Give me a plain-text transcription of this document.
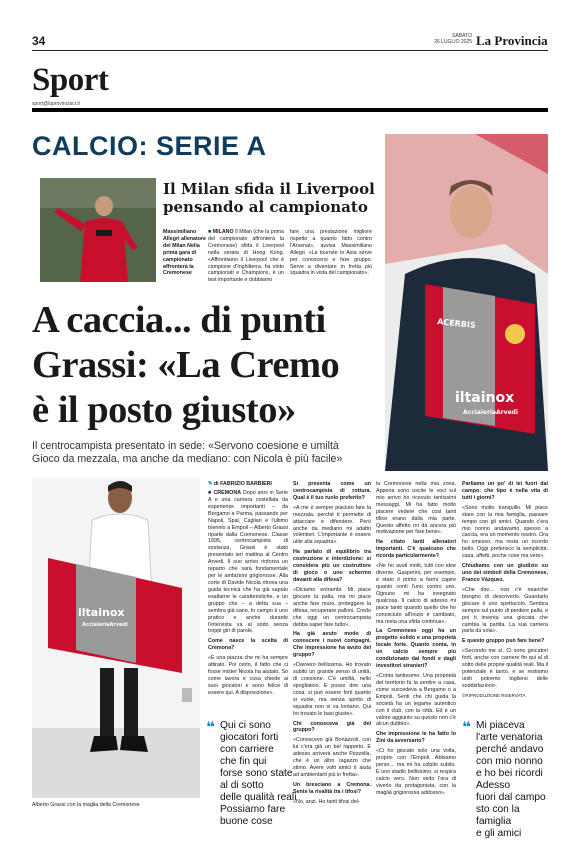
34	SABATO
26 LUGLIO 2025 La Provincia
Sport
sport@laprovinciacr.it
CALCIO: SERIE A
Il Milan sfida il Liverpool pensando al campionato
Massimiliano Allegri allenatore del Milan Nella prima gara di campionato affronterà la Cremonese
■ MILANO Il Milan (che la prima del campionato affronterà la Cremonese) sfida il Liverpool nella serata di Hong Kong. «Affrontiamo il Liverpool che è campione d'Inghilterra, ha vinto campionati e Champions, è un test importante e dobbiamo
fare una prestazione migliore rispetto a quanto fatto contro l'Arsenal», avvisa Massimiliano Allegri. «La tournée in Asia serve per conoscersi e fare gruppo. Serve a diventare in fretta più squadra in vista del campionato».
ACERBIS
iltainox
AcciaieriaArvedi
A caccia... di punti
Grassi: «La Cremo
è il posto giusto»
Il centrocampista presentato in sede: «Servono coesione e umiltà
Gioco da mezzala, ma anche da mediano: con Nicola è più facile»
iltainox
AcciaieriaArvedi
Alberto Grassi con la maglia della Cremonese
✎ di FABRIZIO BARBIERI

■ CREMONA Dopo anni in Serie A e una carriera costellata da esperienze importanti – da Bergamo a Parma, passando per Napoli, Spal, Cagliari e l'ultimo triennio a Empoli – Alberto Grassi riparte dalla Cremonese. Classe 1995, centrocampista di sostanza, Grassi è stato presentato ieri mattina al Centro Arvedi. Il suo arrivo rinforza un reparto che sarà fondamentale per le ambizioni grigiorosse. Alla corte di Davide Nicola ritrova una guida tecnica che ha già saputo esaltarne le caratteristiche, e un gruppo che – a detta sua – sembra già sano. In campo è uno pratico e anche durante l'intervista va al sodo senza troppi giri di parole.

Come nasce la scelta di Cremona?

«È una piazza che mi ha sempre attirato. Poi certo, il fatto che ci fosse mister Nicola ha aiutato. So come lavora e cosa chiede ai suoi giocatori e sono felice di essere qui. A disposizione».

Si presenta come un centrocampista di rottura. Qual è il tuo ruolo preferito?

«A me è sempre piaciuto fare la mezzala, perché ti permette di attaccare e difendere. Però anche da mediano mi adatto volentieri. L'importante è essere utile alla squadra».

Ha parlato di equilibrio tra costruzione e interdizione: si considera più un costruttore di gioco o uno schermo davanti alla difesa?

«Diciamo entrambi. Mi piace giocare la palla, ma mi piace anche fare muro, proteggere la difesa, recuperare palloni. Credo che oggi un centrocampista debba saper fare tutto».

Ha già avuto modo di conoscere i nuovi compagni. Che impressione ha avuto del gruppo?

«Davvero bellissima. Ho trovato subito un grande senso di unità, di coesione. C'è umiltà, nello spogliatoio. E posso dire una cosa: si può essere forti quanto si vuole, ma senza spirito di squadra non si va lontano. Qui ho trovato le basi giuste».

Chi conosceva già del gruppo?

«Conoscevo già Bonazzoli, con lui c'era già un bel rapporto. E adesso arriverà anche Pezzella, che è un altro ragazzo che stimo. Avere volti amici ti aiuta ad ambientarti più in fretta».

Un bresciano a Cremona. Sente la rivalità tra i tifosi?

«No, anzi. Ho tanti tifosi del-

la Cremonese nella mia zona. Appena sono uscite le voci sul mio arrivo ho ricevuto tantissimi messaggi. Mi ha fatto molto piacere vedere che così tanti tifosi erano dalla mia parte. Questo affetto mi dà ancora più motivazione per fare bene».

Ha citato tanti allenatori importanti. C'è qualcuno che ricorda particolarmente?

«Ne ho avuti molti, tutti con idee diverse. Gasperini, per esempio, è stato il primo a farmi capire quanto conti l'uno contro uno. Ognuno mi ha insegnato qualcosa. Il calcio di adesso mi piace tanto quando quello che ho conosciuto all'inizio è cambiato, ma resta una sfida continua».

La Cremonese oggi ha un progetto solido e una proprietà locale forte. Quanto conta, in un calcio sempre più condizionato dai fondi e dagli investitori stranieri?

«Conta tantissimo. Una proprietà del territorio fa la sentire a casa, come succedeva a Bergamo o a Empoli. Senti che chi guida la società ha un legame autentico con il club, con la città. Ed è un valore aggiunto su questo non c'è alcun dubbio».

Che impressione le ha fatto lo Zini da avversario?

«Ci ho giocato solo una volta, proprio con l'Empoli. Abbiamo perso… ma mi ha colpito subito. È uno stadio bellissimo, si respira calcio vero. Non vedo l'ora di viverlo da protagonista, con la maglia grigiorossa addosso».

Parliamo un po' di lei fuori dal campo: che tipo è nella vita di tutti i giorni?

«Sono molto tranquillo. Mi piace stare con la mia famiglia, passare tempo con gli amici. Quando c'era mio nonno andavamo spesso a caccia, era un momento nostro. Ora ho smesso, ma resta un ricordo bello. Oggi preferisco la semplicità: casa, affetti, poche cose ma vere».

Chiudiamo con un giudizio su uno dei simboli della Cremonese, Franco Vázquez.

«Che dire… non c'è neanche bisogno di descriverlo. Guardarlo giocare è uno spettacolo. Sembra sempre sul punto di perdere palla, e poi ti inventa una giocata che cambia la partita. La sua carriera parla da sola».

E questo gruppo può fare bene?

«Secondo me sì. Ci sono giocatori forti, anche con carriere fin qui al di sotto delle proprie qualità reali. Ma il potenziale è tanto, e se restiamo uniti potremo togliersi delle soddisfazioni».

©RIPRODUZIONE RISERVATA

❝ Qui ci sono
giocatori forti
con carriere
che fin qui
forse sono state
al di sotto
delle qualità reali
Possiamo fare
buone cose
❝ Mi piaceva
l'arte venatoria
perché andavo
con mio nonno
e ho bei ricordi
Adesso
fuori dal campo
sto con la famiglia
e gli amici
